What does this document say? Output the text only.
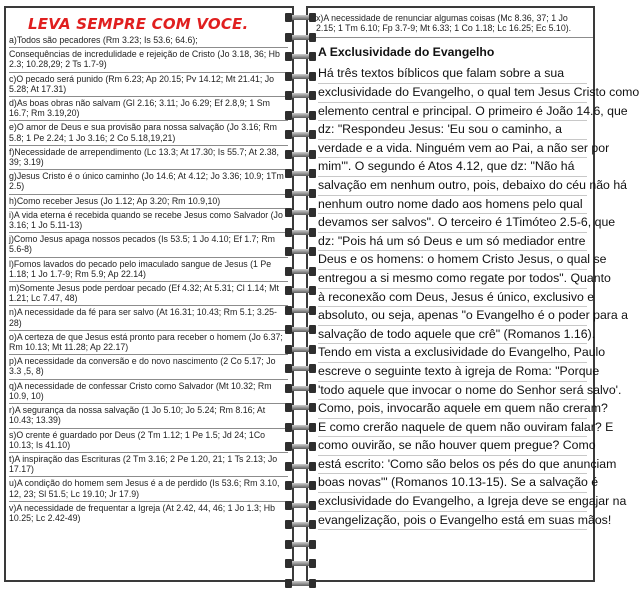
LEVA SEMPRE COM VOCE.
a)Todos são pecadores (Rm 3.23; Is 53.6; 64.6);
Consequências de incredulidade e rejeição de Cristo (Jo 3.18, 36; Hb 2.3; 10.28,29; 2 Ts 1.7-9)
c)O pecado será punido (Rm 6.23; Ap 20.15; Pv 14.12; Mt 21.41; Jo 5.28; At 17.31)
d)As boas obras não salvam (Gl 2.16; 3.11; Jo 6.29; Ef 2.8,9; 1 Sm 16.7; Rm 3.19,20)
e)O amor de Deus e sua provisão para nossa salvação (Jo 3.16; Rm 5.8; 1 Pe 2.24; 1 Jo 3.16; 2 Co 5.18,19,21)
f)Necessidade de arrependimento (Lc 13.3; At 17.30; Is 55.7; At 2.38, 39; 3.19)
g)Jesus Cristo é o único caminho (Jo 14.6; At 4.12; Jo 3.36; 10.9; 1Tm 2.5)
h)Como receber Jesus (Jo 1.12; Ap 3.20; Rm 10.9,10)
i)A vida eterna é recebida quando se recebe Jesus como Salvador (Jo 3.16; 1 Jo 5.11-13)
j)Como Jesus apaga nossos pecados (Is 53.5; 1 Jo 4.10; Ef 1.7; Rm 5.6-8)
l)Fomos lavados do pecado pelo imaculado sangue de Jesus (1 Pe 1.18; 1 Jo 1.7-9; Rm 5.9; Ap 22.14)
m)Somente Jesus pode perdoar pecado (Ef 4.32; At 5.31; Cl 1.14; Mt 1.21; Lc 7.47, 48)
n)A necessidade da fé para ser salvo (At 16.31; 10.43; Rm 5.1; 3.25-28)
o)A certeza de que Jesus está pronto para receber o homem (Jo 6.37; Rm 10.13; Mt 11.28; Ap 22.17)
p)A necessidade da conversão e do novo nascimento (2 Co 5.17; Jo 3.3 ,5, 8)
q)A necessidade de confessar Cristo como Salvador (Mt 10.32; Rm 10.9, 10)
r)A segurança da nossa salvação (1 Jo 5.10; Jo 5.24; Rm 8.16; At 10.43; 13.39)
s)O crente é guardado por Deus (2 Tm 1.12; 1 Pe 1.5; Jd 24; 1Co 10.13; Is 41.10)
t)A inspiração das Escrituras (2 Tm 3.16; 2 Pe 1.20, 21; 1 Ts 2.13; Jo 17.17)
u)A condição do homem sem Jesus é a de perdido (Is 53.6; Rm 3.10, 12, 23; Sl 51.5; Lc 19.10; Jr 17.9)
v)A necessidade de frequentar a Igreja (At 2.42, 44, 46; 1 Jo 1.3; Hb 10.25; Lc 2.42-49)
x)A necessidade de renunciar algumas coisas (Mc 8.36, 37; 1 Jo 2.15; 1 Tm 6.10; Fp 3.7-9; Mt 6.33; 1 Co 1.18; Lc 16.25; Ec 5.10).
A Exclusividade do Evangelho
Há três textos bíblicos que falam sobre a sua
exclusividade do Evangelho, o qual tem Jesus Cristo como
elemento central e principal. O primeiro é João 14.6, que
dz: "Respondeu Jesus: 'Eu sou o caminho, a
verdade e a vida. Ninguém vem ao Pai, a não ser por
mim'". O segundo é Atos 4.12, que dz: "Não há
salvação em nenhum outro, pois, debaixo do céu não há
nenhum outro nome dado aos homens pelo qual
devamos ser salvos". O terceiro é 1Timóteo 2.5-6, que
dz: "Pois há um só Deus e um só mediador entre
Deus e os homens: o homem Cristo Jesus, o qual se
entregou a si mesmo como regate por todos". Quanto
à reconexão com Deus, Jesus é único, exclusivo e
absoluto, ou seja, apenas "o Evangelho é o poder para a
salvação de todo aquele que crê" (Romanos 1.16).
Tendo em vista a exclusividade do Evangelho, Paulo
escreve o seguinte texto à igreja de Roma: "Porque
'todo aquele que invocar o nome do Senhor será salvo'.
Como, pois, invocarão aquele em quem não creram?
E como crerão naquele de quem não ouviram falar? E
como ouvirão, se não houver quem pregue? Como
está escrito: 'Como são belos os pés do que anunciam
boas novas'" (Romanos 10.13-15). Se a salvação é
exclusividade do Evangelho, a Igreja deve se engajar na
evangelização, pois o Evangelho está em suas mãos!
